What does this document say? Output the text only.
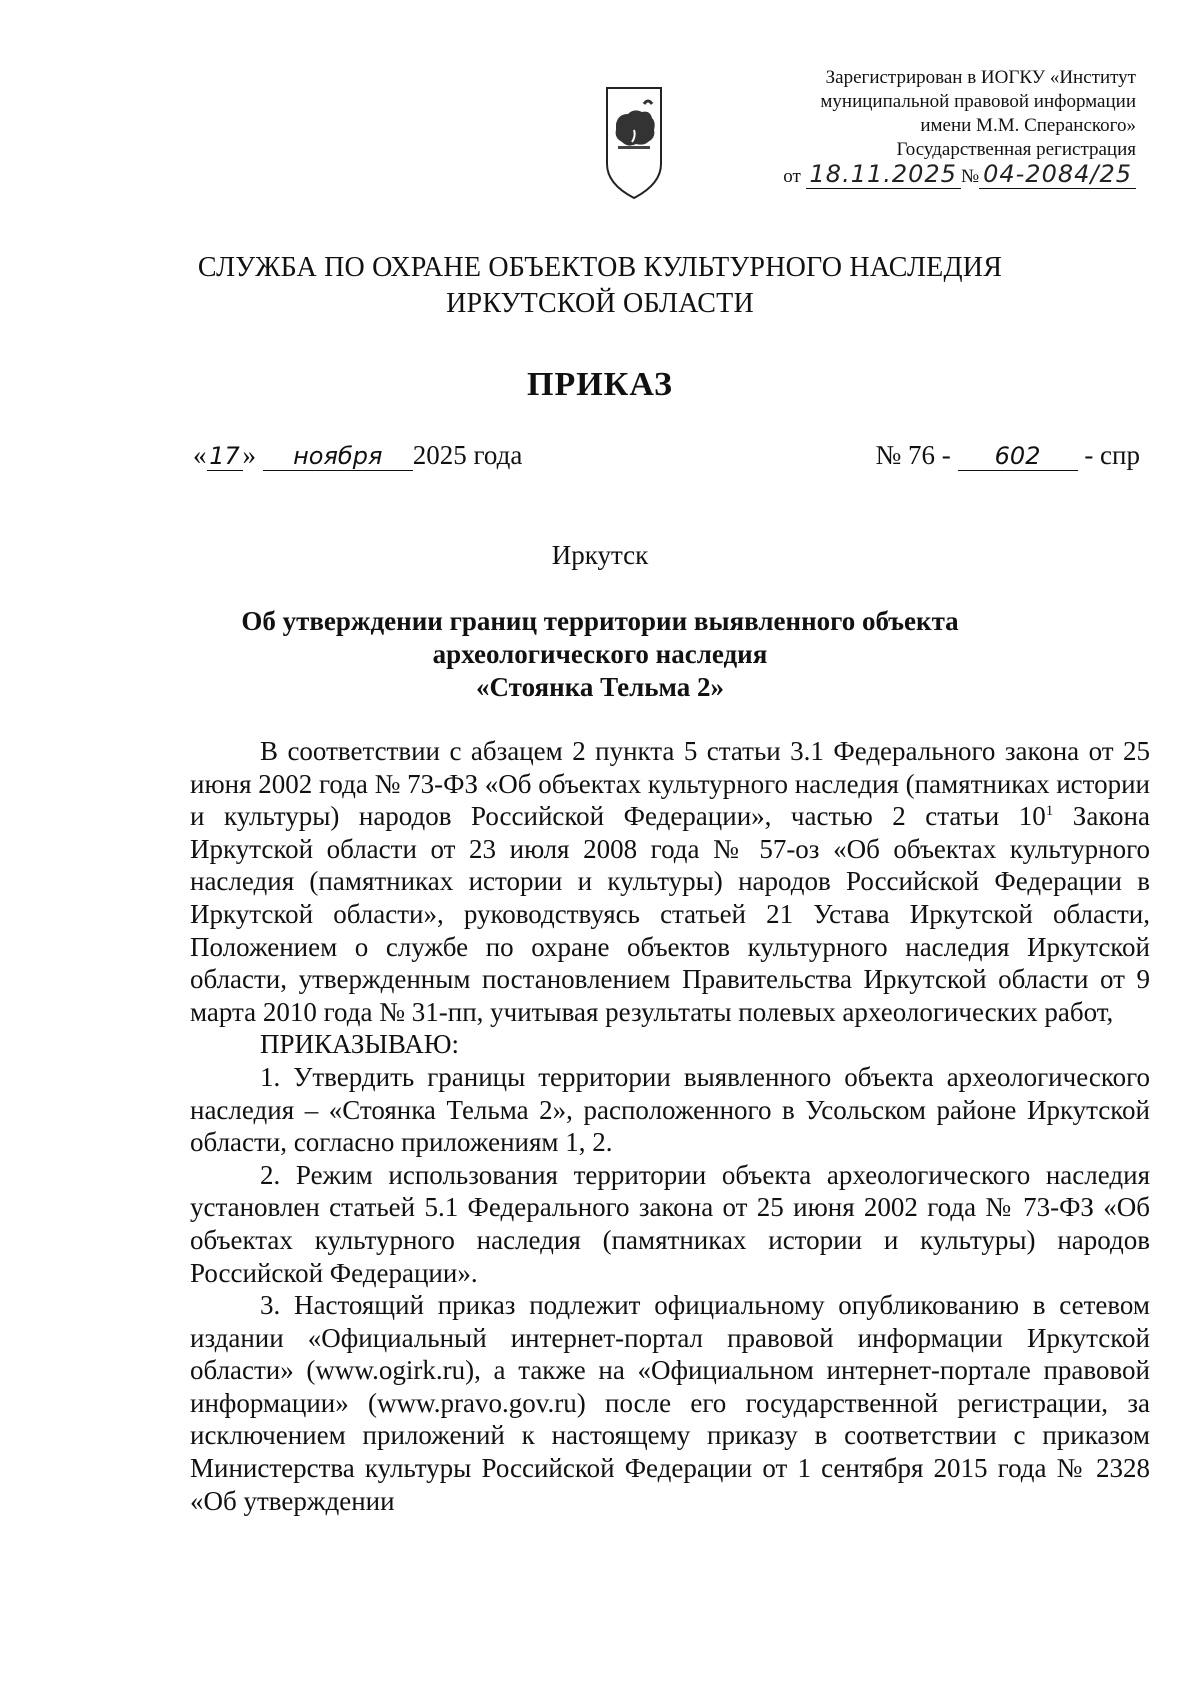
Зарегистрирован в ИОГКУ «Институт
муниципальной правовой информации
имени М.М. Сперанского»
Государственная регистрация
от 18.11.2025 № 04-2084/25
СЛУЖБА ПО ОХРАНЕ ОБЪЕКТОВ КУЛЬТУРНОГО НАСЛЕДИЯ
ИРКУТСКОЙ ОБЛАСТИ
ПРИКАЗ
« 17 » ноября 2025 года	№ 76 - 602 - спр
Иркутск
Об утверждении границ территории выявленного объекта
археологического наследия
«Стоянка Тельма 2»

В соответствии с абзацем 2 пункта 5 статьи 3.1 Федерального закона от 25 июня 2002 года № 73-ФЗ «Об объектах культурного наследия (памятниках истории и культуры) народов Российской Федерации», частью 2 статьи $10^1$ Закона Иркутской области от 23 июля 2008 года № 57-оз «Об объектах культурного наследия (памятниках истории и культуры) народов Российской Федерации в Иркутской области», руководствуясь статьей 21 Устава Иркутской области, Положением о службе по охране объектов культурного наследия Иркутской области, утвержденным постановлением Правительства Иркутской области от 9 марта 2010 года № 31-пп, учитывая результаты полевых археологических работ,

ПРИКАЗЫВАЮ:

1. Утвердить границы территории выявленного объекта археологического наследия – «Стоянка Тельма 2», расположенного в Усольском районе Иркутской области, согласно приложениям 1, 2.

2. Режим использования территории объекта археологического наследия установлен статьей 5.1 Федерального закона от 25 июня 2002 года № 73-ФЗ «Об объектах культурного наследия (памятниках истории и культуры) народов Российской Федерации».

3. Настоящий приказ подлежит официальному опубликованию в сетевом издании «Официальный интернет-портал правовой информации Иркутской области» (www.ogirk.ru), а также на «Официальном интернет-портале правовой информации» (www.pravo.gov.ru) после его государственной регистрации, за исключением приложений к настоящему приказу в соответствии с приказом Министерства культуры Российской Федерации от 1 сентября 2015 года № 2328 «Об утверждении
